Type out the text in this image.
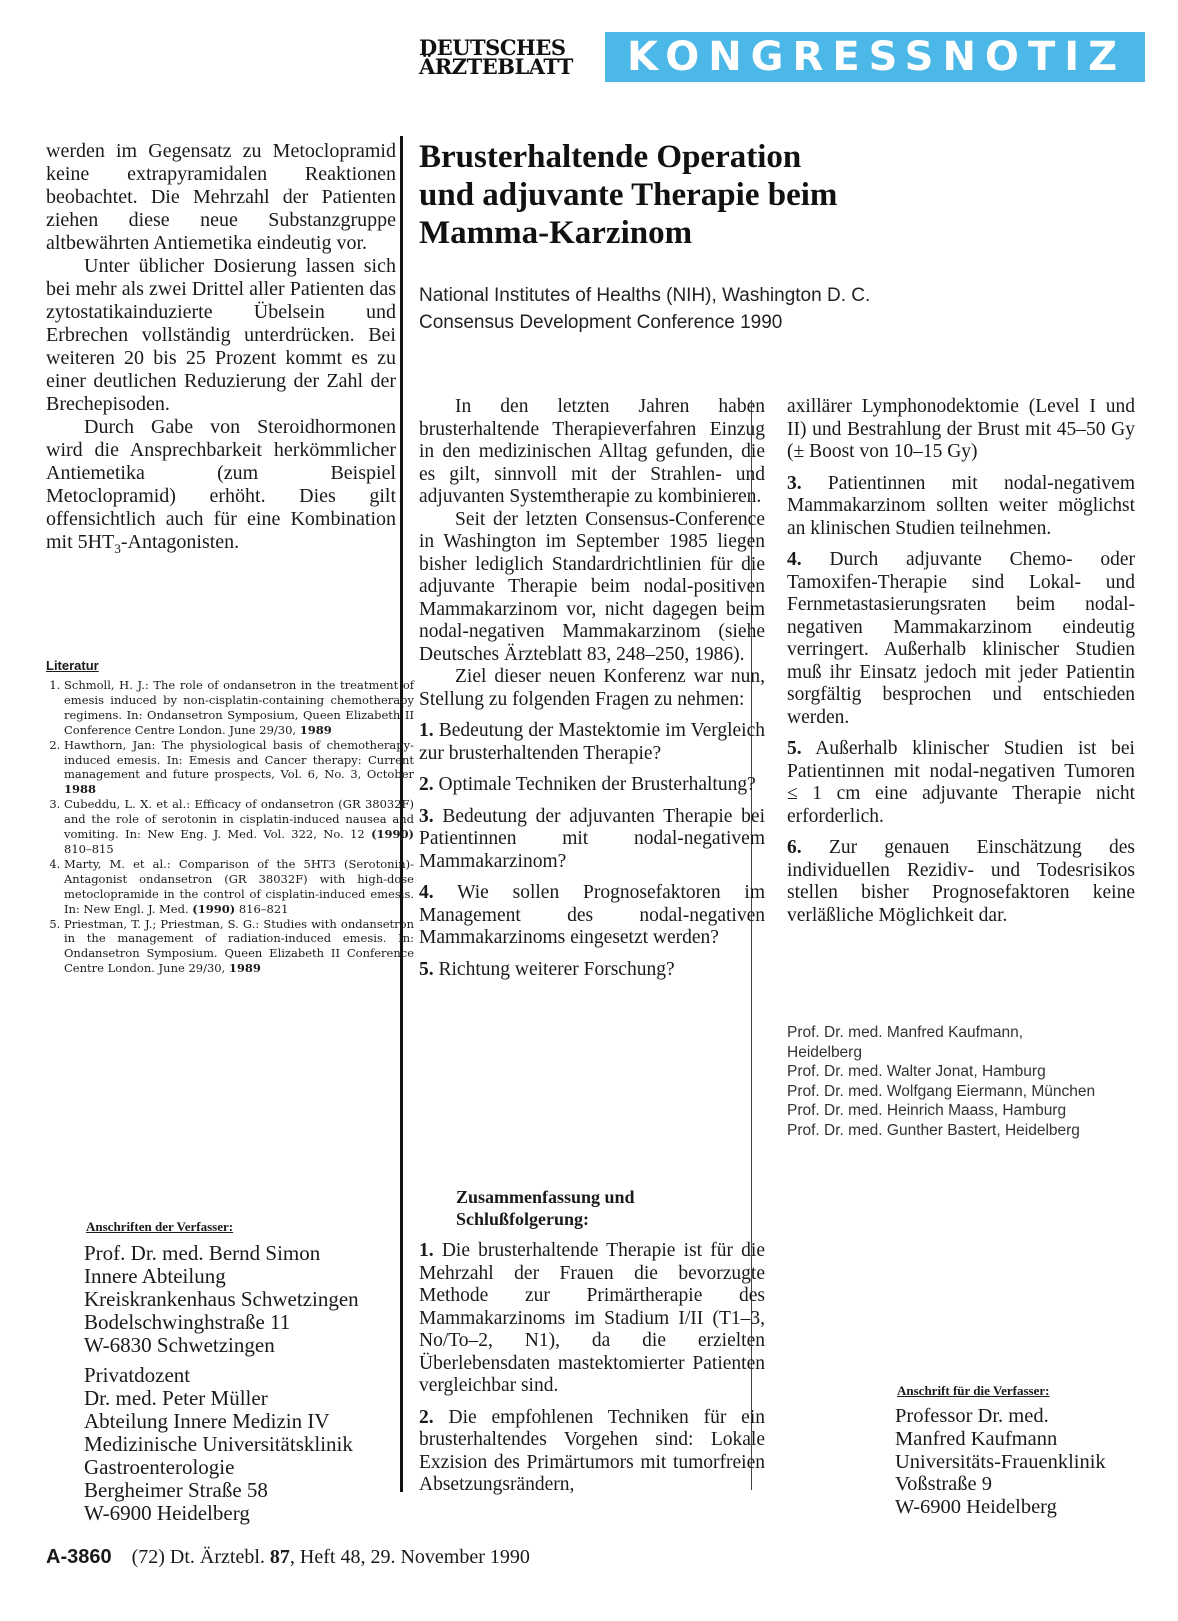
DEUTSCHES
ÄRZTEBLATT	KONGRESSNOTIZ

werden im Gegensatz zu Metoclopramid keine extrapyramidalen Reaktionen beobachtet. Die Mehrzahl der Patienten ziehen diese neue Substanzgruppe altbewährten Antiemetika eindeutig vor.

Unter üblicher Dosierung lassen sich bei mehr als zwei Drittel aller Patienten das zytostatikainduzierte Übelsein und Erbrechen vollständig unterdrücken. Bei weiteren 20 bis 25 Prozent kommt es zu einer deutlichen Reduzierung der Zahl der Brechepisoden.

Durch Gabe von Steroidhormonen wird die Ansprechbarkeit herkömmlicher Antiemetika (zum Beispiel Metoclopramid) erhöht. Dies gilt offensichtlich auch für eine Kombination mit $5HT_3$-Antagonisten.

Literatur
1. Schmoll, H. J.: The role of ondansetron in the treatment of emesis induced by non-cisplatin-containing chemotherapy regimens. In: Ondansetron Symposium, Queen Elizabeth II Conference Centre London. June 29/30, 1989
2. Hawthorn, Jan: The physiological basis of chemotherapy-induced emesis. In: Emesis and Cancer therapy: Current management and future prospects, Vol. 6, No. 3, October 1988
3. Cubeddu, L. X. et al.: Efficacy of ondansetron (GR 38032F) and the role of serotonin in cisplatin-induced nausea and vomiting. In: New Eng. J. Med. Vol. 322, No. 12 (1990) 810–815
4. Marty, M. et al.: Comparison of the 5HT3 (Serotonin)-Antagonist ondansetron (GR 38032F) with high-dose metoclopramide in the control of cisplatin-induced emesis. In: New Engl. J. Med. (1990) 816–821
5. Priestman, T. J.; Priestman, S. G.: Studies with ondansetron in the management of radiation-induced emesis. In: Ondansetron Symposium. Queen Elizabeth II Conference Centre London. June 29/30, 1989
Anschriften der Verfasser:
Prof. Dr. med. Bernd Simon
Innere Abteilung
Kreiskrankenhaus Schwetzingen
Bodelschwinghstraße 11
W-6830 Schwetzingen
Privatdozent
Dr. med. Peter Müller
Abteilung Innere Medizin IV
Medizinische Universitätsklinik
Gastroenterologie
Bergheimer Straße 58
W-6900 Heidelberg
Brusterhaltende Operation
und adjuvante Therapie beim
Mamma-Karzinom
National Institutes of Healths (NIH), Washington D. C.
Consensus Development Conference 1990

In den letzten Jahren haben brusterhaltende Therapieverfahren Einzug in den medizinischen Alltag gefunden, die es gilt, sinnvoll mit der Strahlen- und adjuvanten Systemtherapie zu kombinieren.

Seit der letzten Consensus-Conference in Washington im September 1985 liegen bisher lediglich Standardrichtlinien für die adjuvante Therapie beim nodal-positiven Mammakarzinom vor, nicht dagegen beim nodal-negativen Mammakarzinom (siehe Deutsches Ärzteblatt 83, 248–250, 1986).

Ziel dieser neuen Konferenz war nun, Stellung zu folgenden Fragen zu nehmen:

1. Bedeutung der Mastektomie im Vergleich zur brusterhaltenden Therapie?

2. Optimale Techniken der Brusterhaltung?

3. Bedeutung der adjuvanten Therapie bei Patientinnen mit nodal-negativem Mammakarzinom?

4. Wie sollen Prognosefaktoren im Management des nodal-negativen Mammakarzinoms eingesetzt werden?

5. Richtung weiterer Forschung?

Zusammenfassung und Schlußfolgerung:

1. Die brusterhaltende Therapie ist für die Mehrzahl der Frauen die bevorzugte Methode zur Primärtherapie des Mammakarzinoms im Stadium I/II (T1–3, No/To–2, N1), da die erzielten Überlebensdaten mastektomierter Patienten vergleichbar sind.

2. Die empfohlenen Techniken für ein brusterhaltendes Vorgehen sind: Lokale Exzision des Primärtumors mit tumorfreien Absetzungsrändern,

axillärer Lymphonodektomie (Level I und II) und Bestrahlung der Brust mit 45–50 Gy (± Boost von 10–15 Gy)

3. Patientinnen mit nodal-negativem Mammakarzinom sollten weiter möglichst an klinischen Studien teilnehmen.

4. Durch adjuvante Chemo- oder Tamoxifen-Therapie sind Lokal- und Fernmetastasierungsraten beim nodal-negativen Mammakarzinom eindeutig verringert. Außerhalb klinischer Studien muß ihr Einsatz jedoch mit jeder Patientin sorgfältig besprochen und entschieden werden.

5. Außerhalb klinischer Studien ist bei Patientinnen mit nodal-negativen Tumoren ≤ 1 cm eine adjuvante Therapie nicht erforderlich.

6. Zur genauen Einschätzung des individuellen Rezidiv- und Todesrisikos stellen bisher Prognosefaktoren keine verläßliche Möglichkeit dar.

Prof. Dr. med. Manfred Kaufmann,
Heidelberg
Prof. Dr. med. Walter Jonat, Hamburg
Prof. Dr. med. Wolfgang Eiermann, München
Prof. Dr. med. Heinrich Maass, Hamburg
Prof. Dr. med. Gunther Bastert, Heidelberg
Anschrift für die Verfasser:
Professor Dr. med.
Manfred Kaufmann
Universitäts-Frauenklinik
Voßstraße 9
W-6900 Heidelberg
A-3860 (72) Dt. Ärztebl. 87, Heft 48, 29. November 1990
